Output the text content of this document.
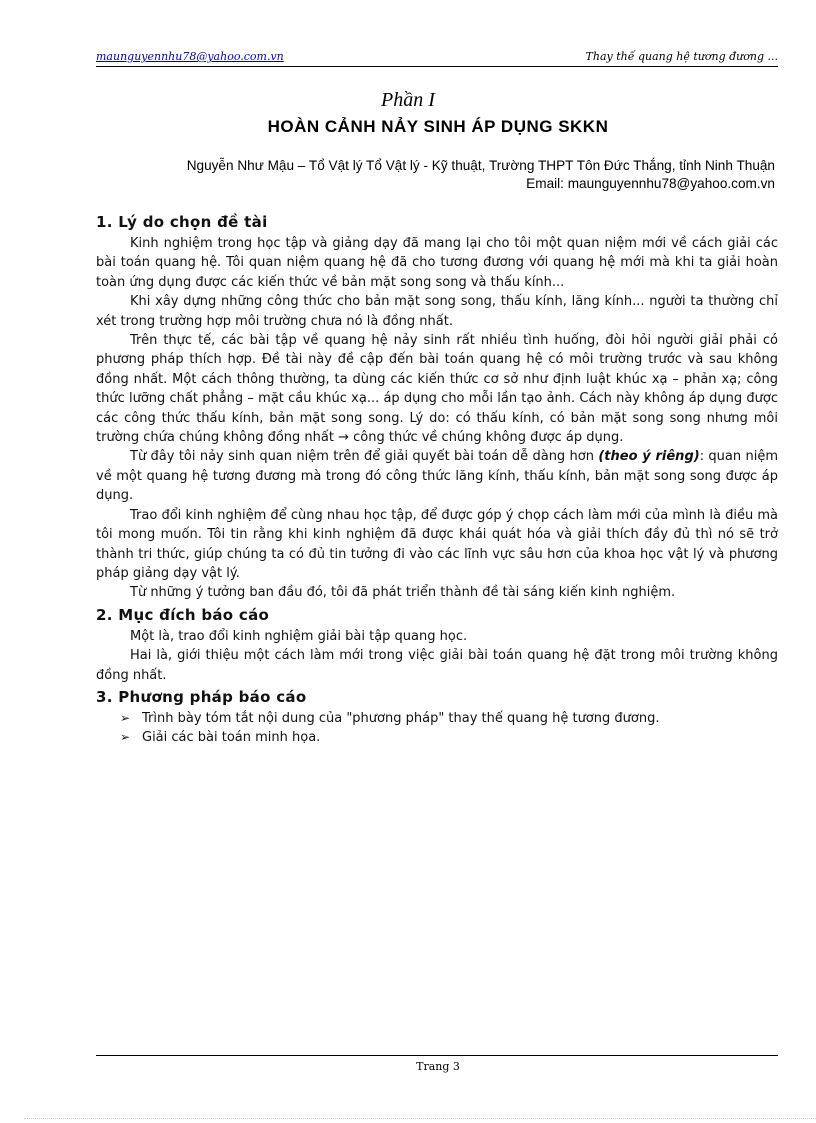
maunguyennhu78@yahoo.com.vn	Thay thế quang hệ tương đương ...
Phần I
HOÀN CẢNH NẢY SINH ÁP DỤNG SKKN
Nguyễn Như Mậu – Tổ Vật lý Tổ Vật lý - Kỹ thuật, Trường THPT Tôn Đức Thắng, tỉnh Ninh Thuận
Email: maunguyennhu78@yahoo.com.vn
1. Lý do chọn đề tài

Kinh nghiệm trong học tập và giảng dạy đã mang lại cho tôi một quan niệm mới về cách giải các bài toán quang hệ. Tôi quan niệm quang hệ đã cho tương đương với quang hệ mới mà khi ta giải hoàn toàn ứng dụng được các kiến thức về bản mặt song song và thấu kính...

Khi xây dựng những công thức cho bản mặt song song, thấu kính, lăng kính... người ta thường chỉ xét trong trường hợp môi trường chưa nó là đồng nhất.

Trên thực tế, các bài tập về quang hệ nảy sinh rất nhiều tình huống, đòi hỏi người giải phải có phương pháp thích hợp. Đề tài này đề cập đến bài toán quang hệ có môi trường trước và sau không đồng nhất. Một cách thông thường, ta dùng các kiến thức cơ sở như định luật khúc xạ – phản xạ; công thức lưỡng chất phẳng – mặt cầu khúc xạ... áp dụng cho mỗi lần tạo ảnh. Cách này không áp dụng được các công thức thấu kính, bản mặt song song. Lý do: có thấu kính, có bản mặt song song nhưng môi trường chứa chúng không đồng nhất → công thức về chúng không được áp dụng.

Từ đây tôi nảy sinh quan niệm trên để giải quyết bài toán dễ dàng hơn (theo ý riêng): quan niệm về một quang hệ tương đương mà trong đó công thức lăng kính, thấu kính, bản mặt song song được áp dụng.

Trao đổi kinh nghiệm để cùng nhau học tập, để được góp ý chọp cách làm mới của mình là điều mà tôi mong muốn. Tôi tin rằng khi kinh nghiệm đã được khái quát hóa và giải thích đầy đủ thì nó sẽ trở thành tri thức, giúp chúng ta có đủ tin tưởng đi vào các lĩnh vực sâu hơn của khoa học vật lý và phương pháp giảng dạy vật lý.

Từ những ý tưởng ban đầu đó, tôi đã phát triển thành đề tài sáng kiến kinh nghiệm.

2. Mục đích báo cáo

Một là, trao đổi kinh nghiệm giải bài tập quang học.

Hai là, giới thiệu một cách làm mới trong việc giải bài toán quang hệ đặt trong môi trường không đồng nhất.

3. Phương pháp báo cáo
➢ Trình bày tóm tắt nội dung của "phương pháp" thay thế quang hệ tương đương.
➢ Giải các bài toán minh họa.
Trang 3
